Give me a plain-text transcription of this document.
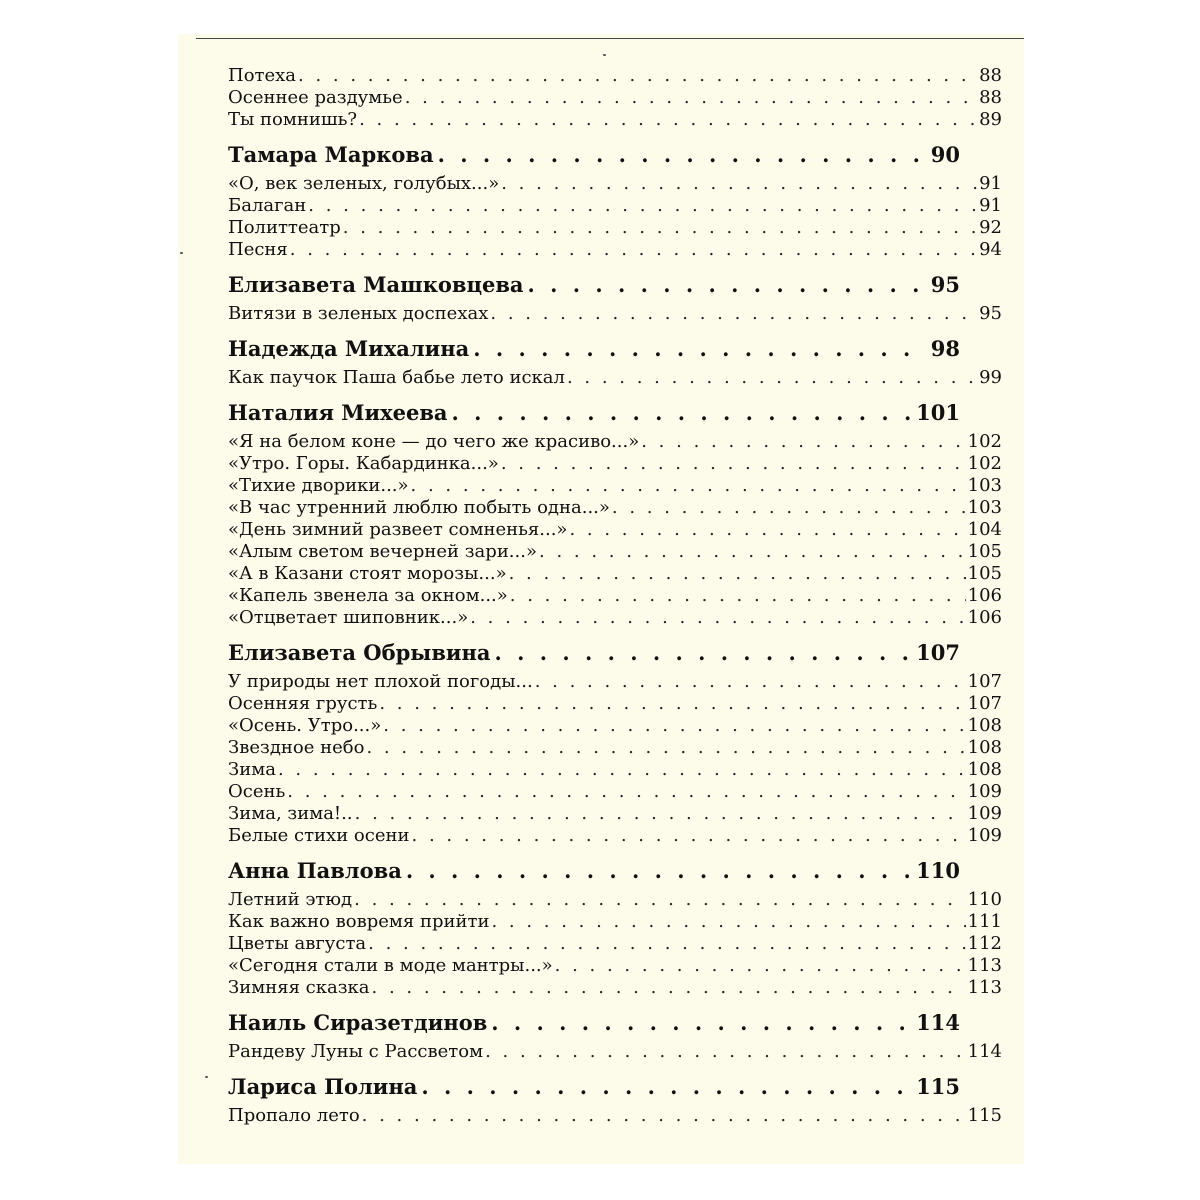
Потеха . . .	88
Осеннее раздумье . . .	88
Ты помнишь? . . .	89
Тамара Маркова . . .	90
«О, век зеленых, голубых...» . . .	91
Балаган . . .	91
Политтеатр . . .	92
Песня . . .	94
Елизавета Машковцева . . .	95
Витязи в зеленых доспехах . . .	95
Надежда Михалина . . .	98
Как паучок Паша бабье лето искал . . .	99
Наталия Михеева . . .	101
«Я на белом коне — до чего же красиво...» . . .	102
«Утро. Горы. Кабардинка...» . . .	102
«Тихие дворики...» . . .	103
«В час утренний люблю побыть одна...» . . .	103
«День зимний развеет сомненья...» . . .	104
«Алым светом вечерней зари...» . . .	105
«А в Казани стоят морозы...» . . .	105
«Капель звенела за окном...» . . .	106
«Отцветает шиповник...» . . .	106
Елизавета Обрывина . . .	107
У природы нет плохой погоды... . . .	107
Осенняя грусть . . .	107
«Осень. Утро...» . . .	108
Звездное небо . . .	108
Зима . . .	108
Осень . . .	109
Зима, зима!.. . . .	109
Белые стихи осени . . .	109
Анна Павлова . . .	110
Летний этюд . . .	110
Как важно вовремя прийти . . .	111
Цветы августа . . .	112
«Сегодня стали в моде мантры...» . . .	113
Зимняя сказка . . .	113
Наиль Сиразетдинов . . .	114
Рандеву Луны с Рассветом . . .	114
Лариса Полина . . .	115
Пропало лето . . .	115
